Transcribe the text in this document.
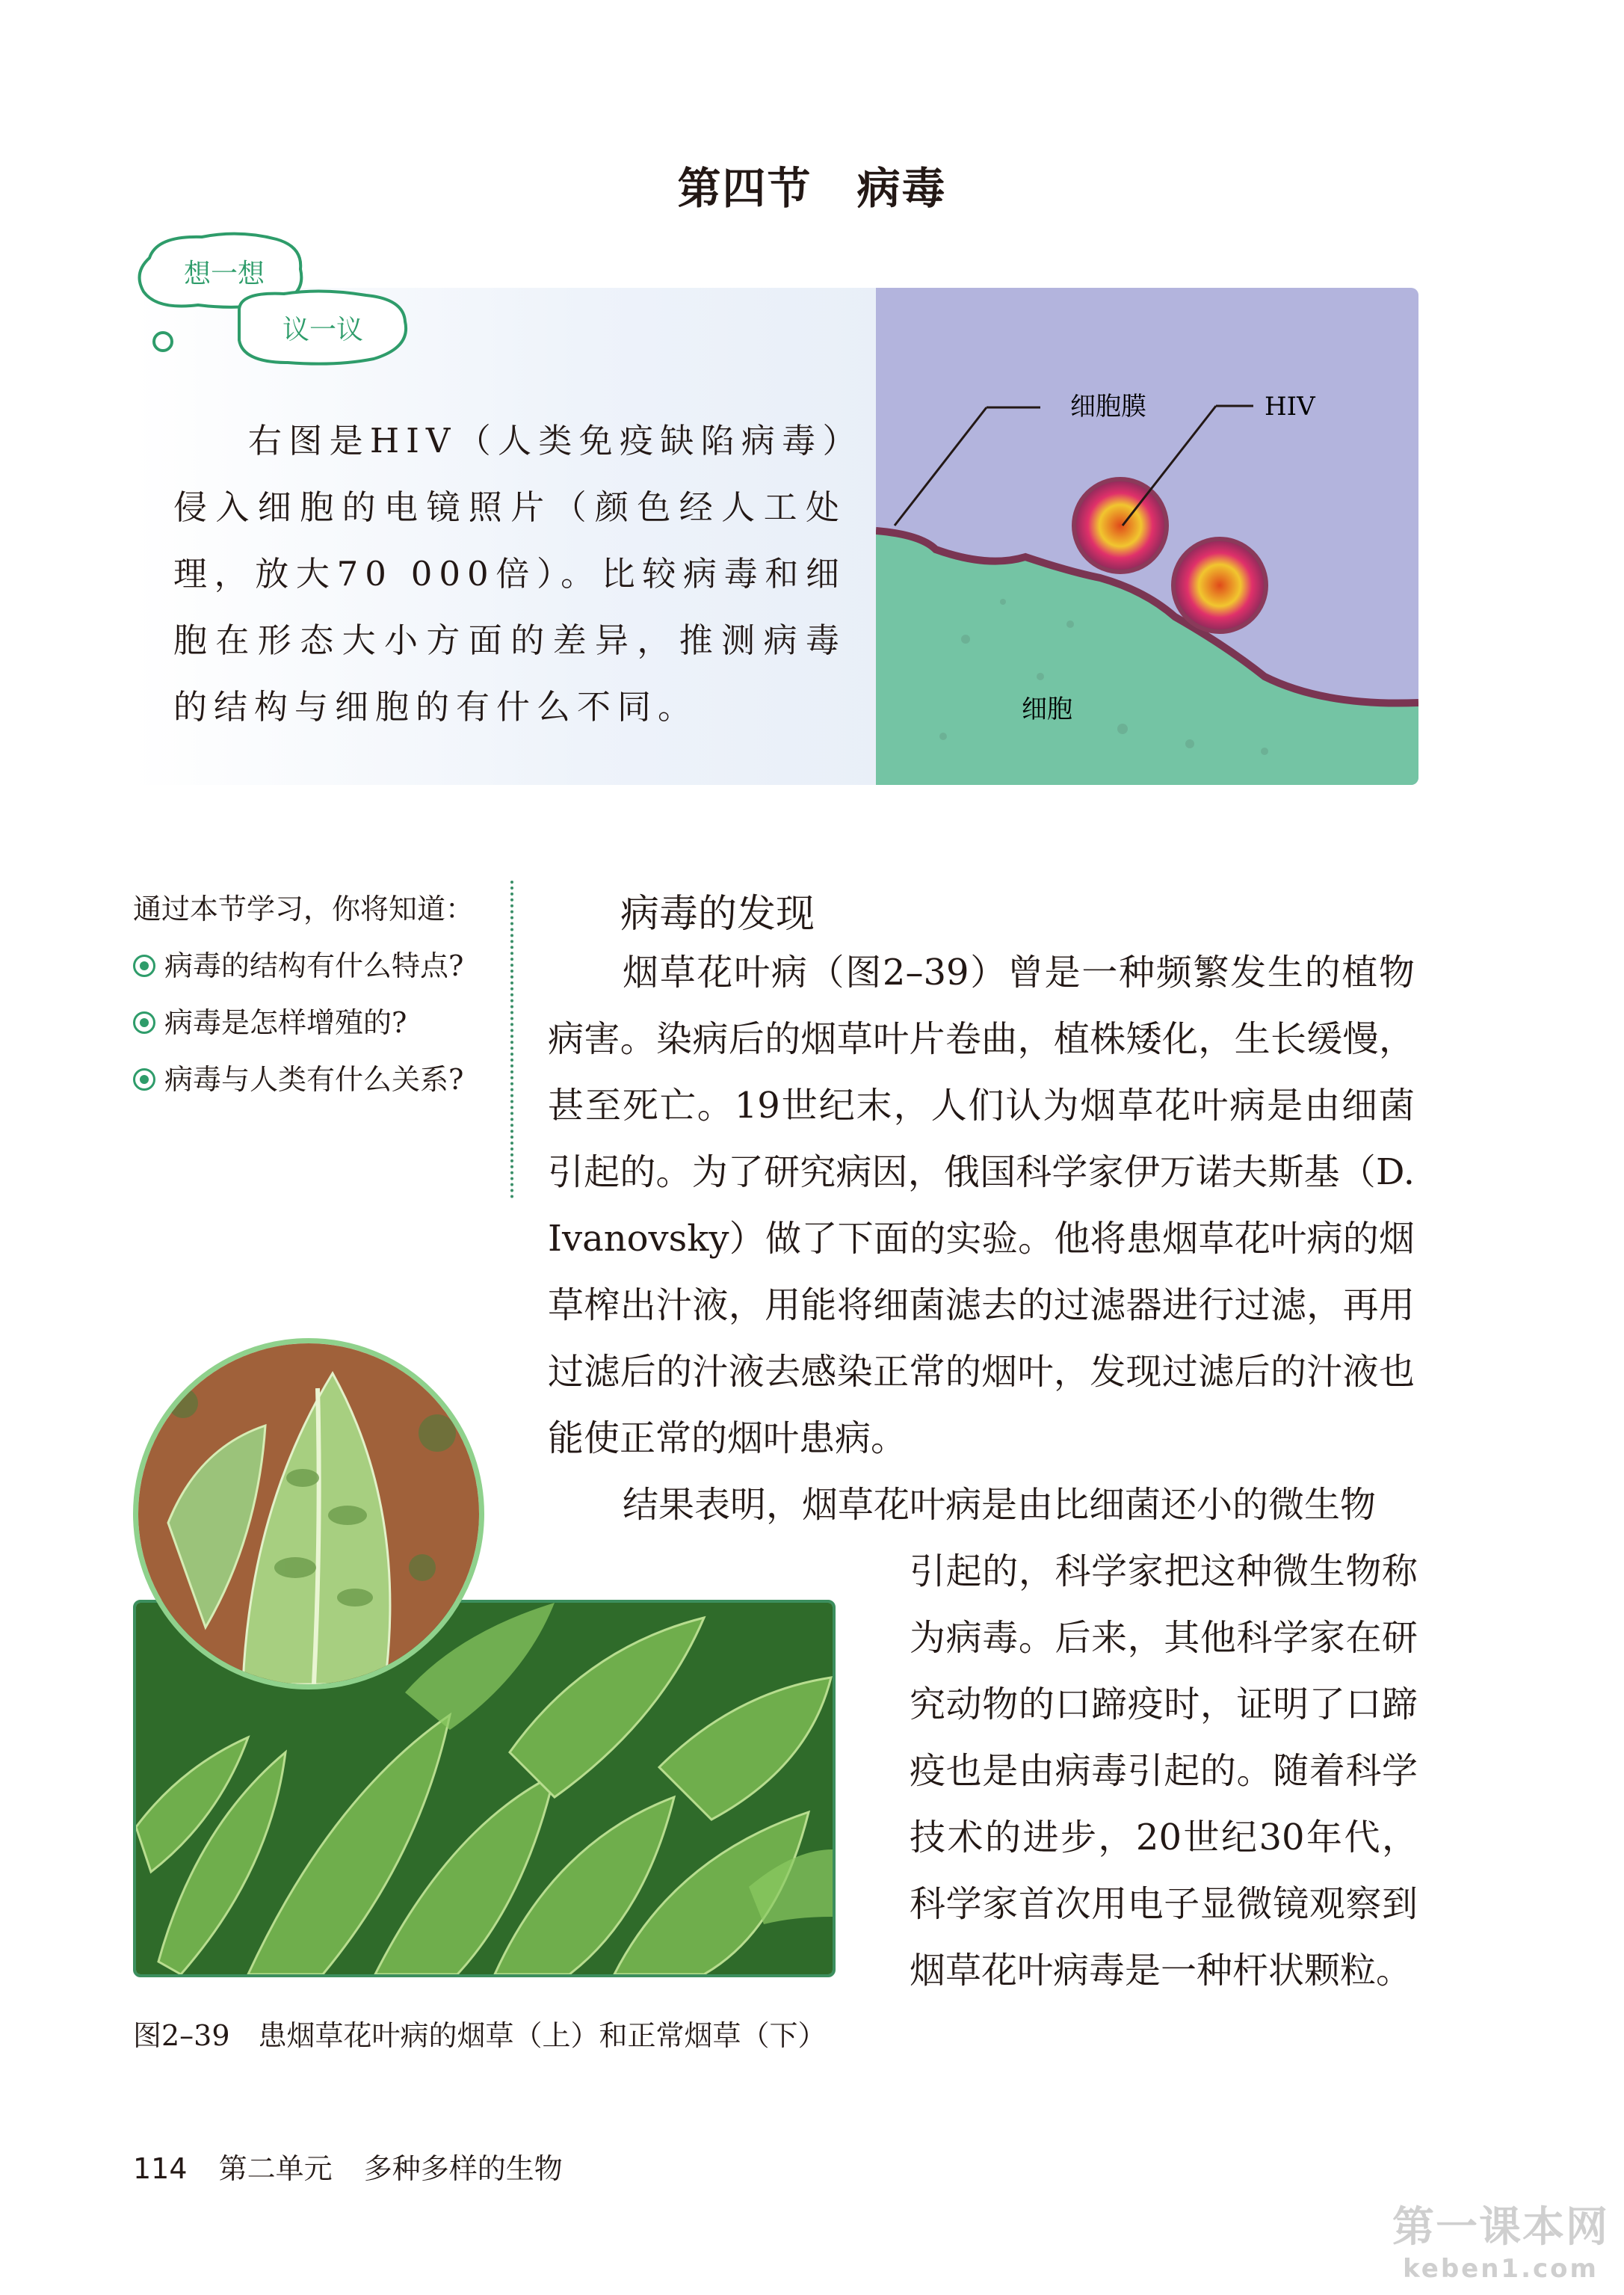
第四节　病毒
想一想
议一议

右图是HIV（人类免疫缺陷病毒）侵入细胞的电镜照片（颜色经人工处理，放大70 000倍）。比较病毒和细胞在形态大小方面的差异，推测病毒的结构与细胞的有什么不同。

细胞膜	HIV
细胞
通过本节学习，你将知道：
病毒的结构有什么特点?
病毒是怎样增殖的?
病毒与人类有什么关系?
病毒的发现

烟草花叶病（图2–39）曾是一种频繁发生的植物病害。染病后的烟草叶片卷曲，植株矮化，生长缓慢，甚至死亡。19世纪末，人们认为烟草花叶病是由细菌引起的。为了研究病因，俄国科学家伊万诺夫斯基（D. Ivanovsky）做了下面的实验。他将患烟草花叶病的烟草榨出汁液，用能将细菌滤去的过滤器进行过滤，再用过滤后的汁液去感染正常的烟叶，发现过滤后的汁液也能使正常的烟叶患病。

结果表明，烟草花叶病是由比细菌还小的微生物

引起的，科学家把这种微生物称为病毒。后来，其他科学家在研究动物的口蹄疫时，证明了口蹄疫也是由病毒引起的。随着科学技术的进步，20世纪30年代，科学家首次用电子显微镜观察到烟草花叶病毒是一种杆状颗粒。

图2–39　患烟草花叶病的烟草（上）和正常烟草（下）
114 第二单元 多种多样的生物
第一课本网
keben1.com
